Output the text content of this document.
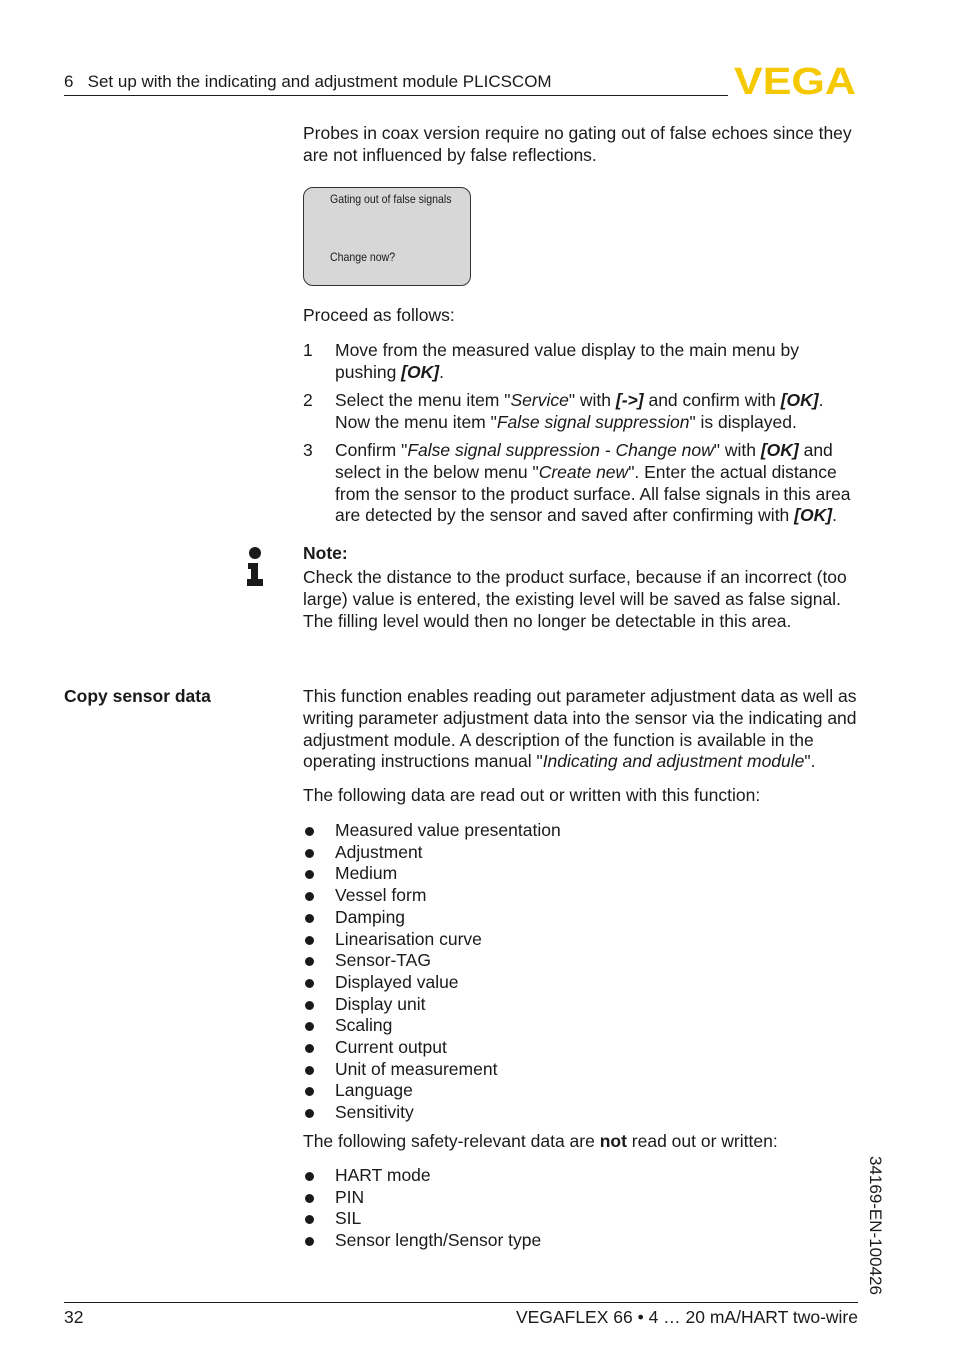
6   Set up with the indicating and adjustment module PLICSCOM	VEGA
Probes in coax version require no gating out of false echoes since they are not influenced by false reflections.
Gating out of false signals
Change now?
Proceed as follows:
1 Move from the measured value display to the main menu by pushing [OK].
2 Select the menu item "Service" with [->] and confirm with [OK]. Now the menu item "False signal suppression" is displayed.
3 Confirm "False signal suppression - Change now" with [OK] and select in the below menu "Create new". Enter the actual distance from the sensor to the product surface. All false signals in this area are detected by the sensor and saved after confirming with [OK].
Note:
Check the distance to the product surface, because if an incorrect (too large) value is entered, the existing level will be saved as false signal. The filling level would then no longer be detectable in this area.
Copy sensor data	This function enables reading out parameter adjustment data as well as writing parameter adjustment data into the sensor via the indicating and adjustment module. A description of the function is available in the operating instructions manual "Indicating and adjustment module".
The following data are read out or written with this function:
Measured value presentation
Adjustment
Medium
Vessel form
Damping
Linearisation curve
Sensor-TAG
Displayed value
Display unit
Scaling
Current output
Unit of measurement
Language
Sensitivity
The following safety-relevant data are not read out or written:
HART mode
PIN
SIL
Sensor length/Sensor type
32	VEGAFLEX 66 • 4 … 20 mA/HART two-wire
34169-EN-100426
